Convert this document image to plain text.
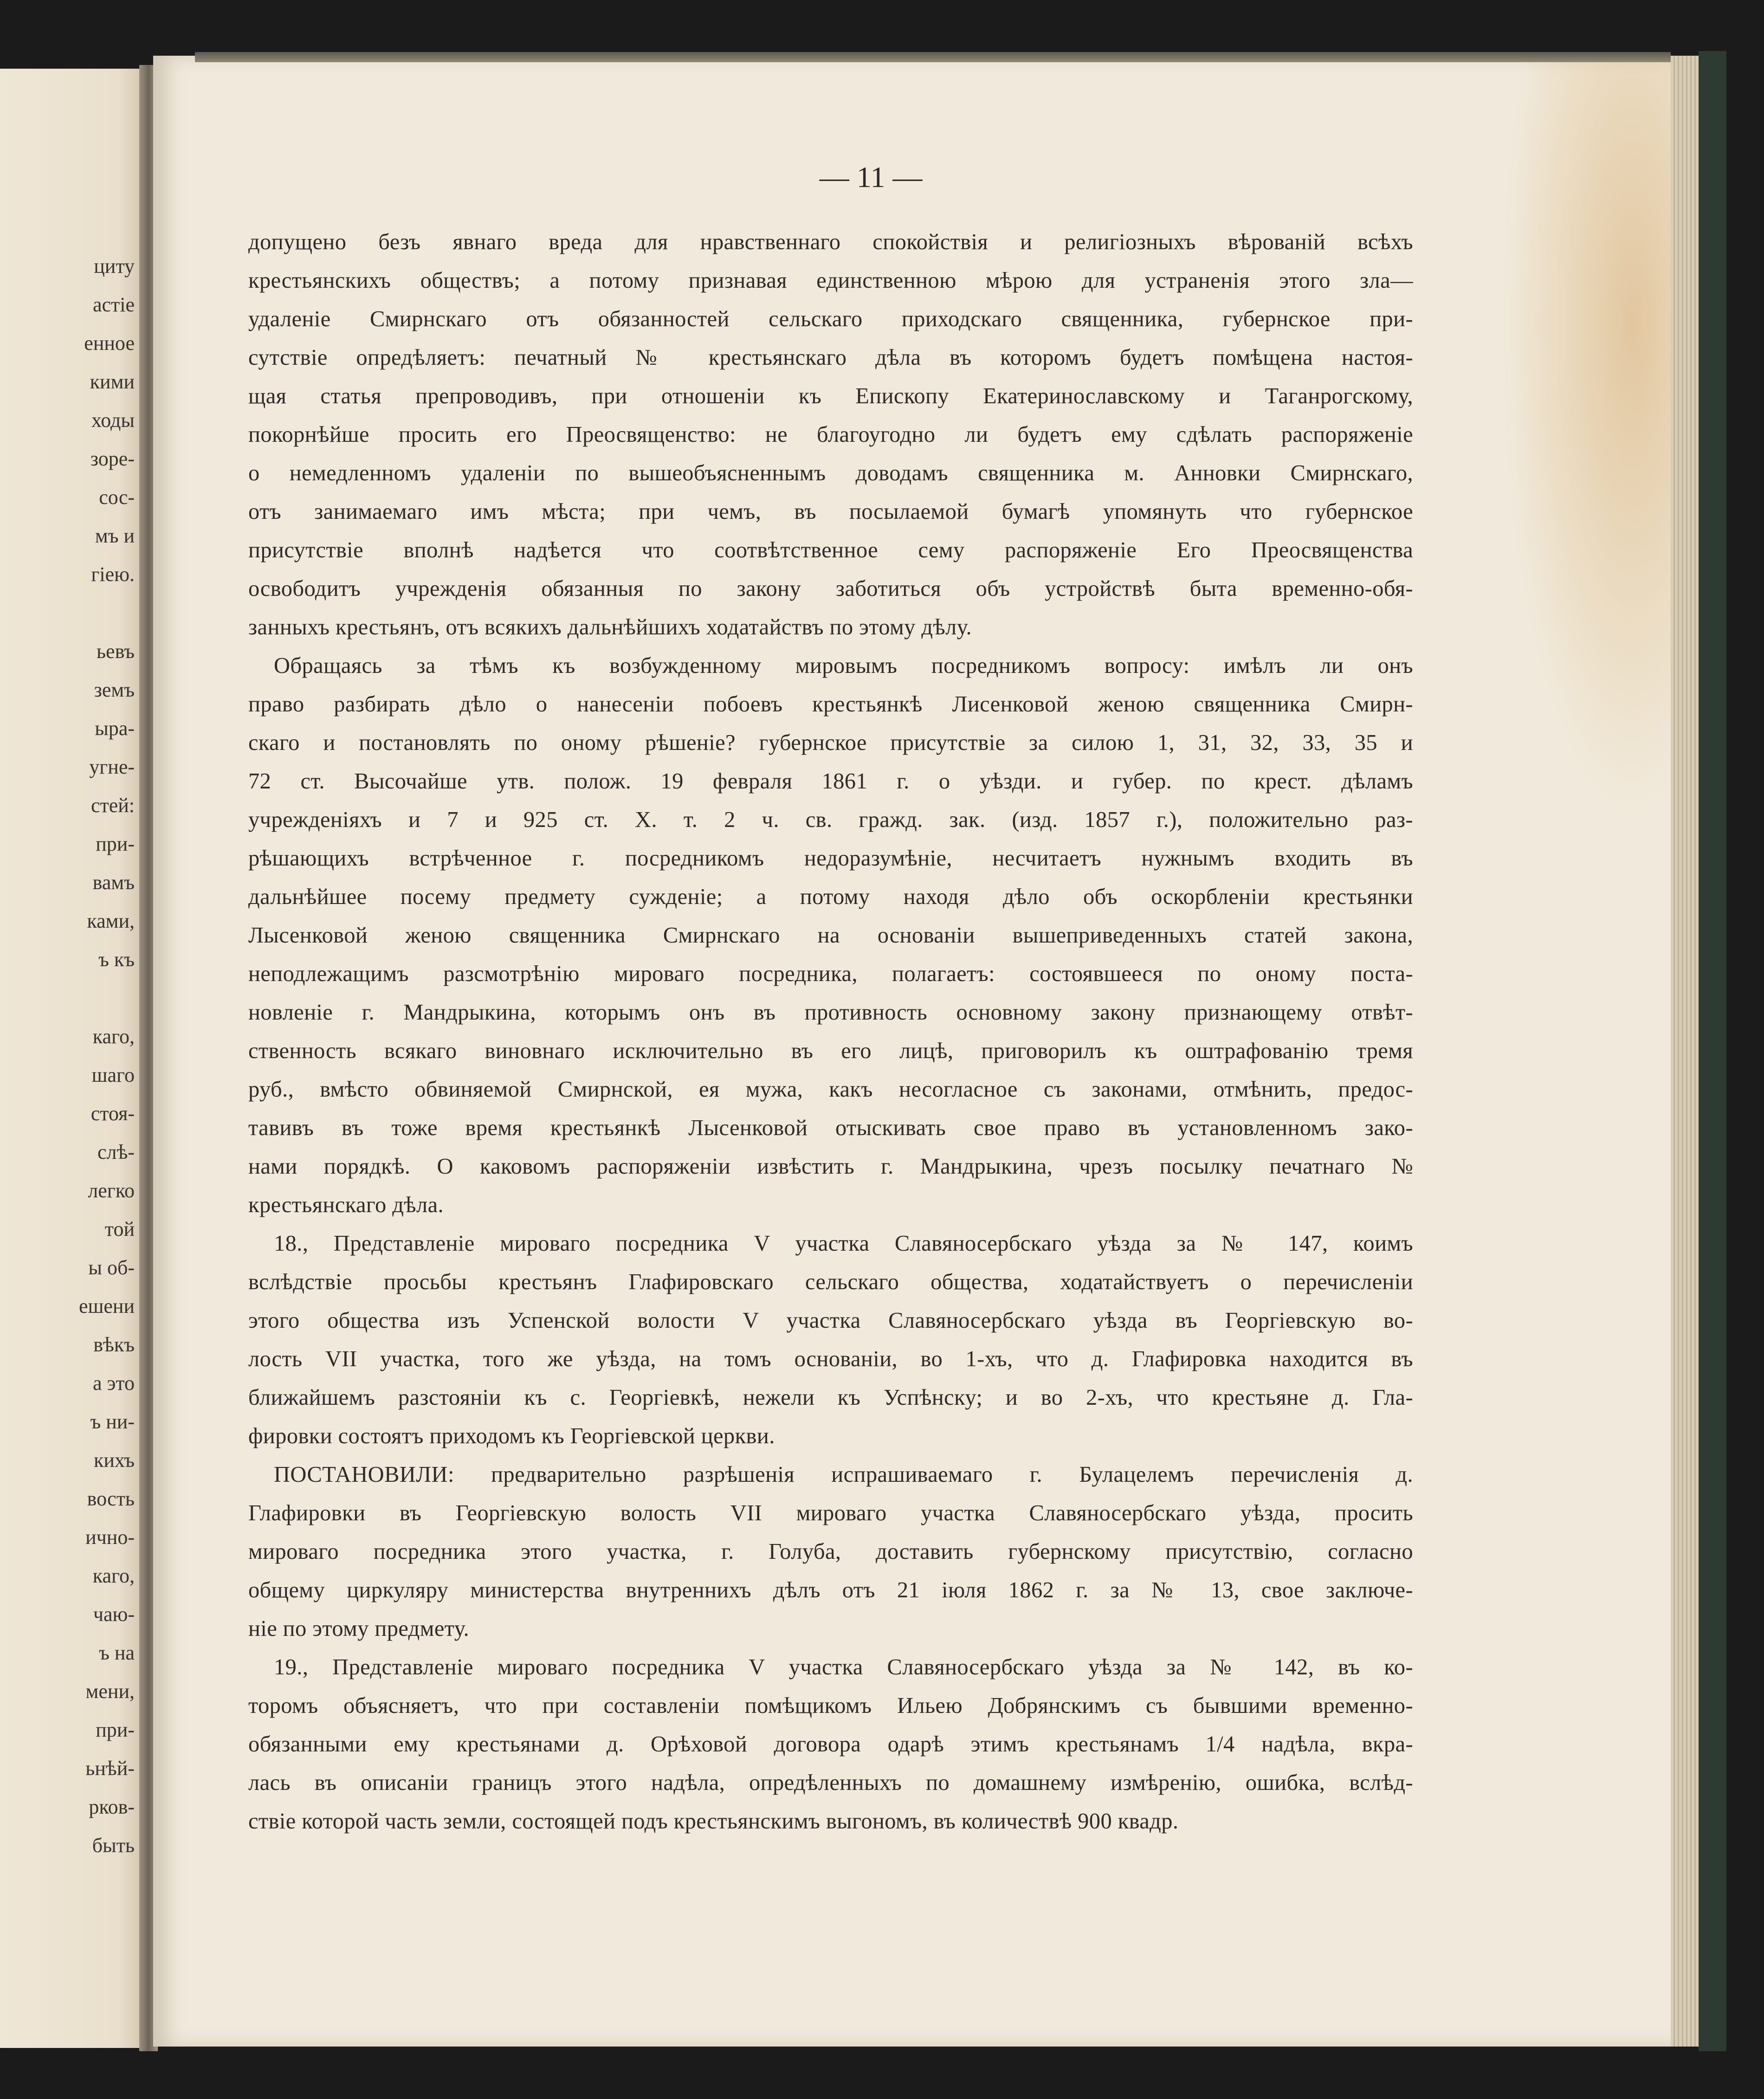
циту
астіе
енное
кими
ходы
зоре-
сос-
мъ и
гіею.
ьевъ
земъ
ыра-
угне-
стей:
при-
вамъ
ками,
ъ къ
каго,
шаго
стоя-
слѣ-
легко
той
ы об-
ешени
вѣкъ
а это
ъ ни-
кихъ
вость
ично-
каго,
чаю-
ъ на
мени,
при-
ьнѣй-
рков-
быть
— 11 —
допущено безъ явнаго вреда для нравственнаго спокойствія и религіозныхъ вѣрованій всѣхъ
крестьянскихъ обществъ; а потому признавая единственною мѣрою для устраненія этого зла—
удаленіе Смирнскаго отъ обязанностей сельскаго приходскаго священника, губернское при-
сутствіе опредѣляетъ: печатный № крестьянскаго дѣла въ которомъ будетъ помѣщена настоя-
щая статья препроводивъ, при отношеніи къ Епископу Екатеринославскому и Таганрогскому,
покорнѣйше просить его Преосвященство: не благоугодно ли будетъ ему сдѣлать распоряженіе
о немедленномъ удаленіи по вышеобъясненнымъ доводамъ священника м. Анновки Смирнскаго,
отъ занимаемаго имъ мѣста; при чемъ, въ посылаемой бумагѣ упомянуть что губернское
присутствіе вполнѣ надѣется что соотвѣтственное сему распоряженіе Его Преосвященства
освободитъ учрежденія обязанныя по закону заботиться объ устройствѣ быта временно-обя-
занныхъ крестьянъ, отъ всякихъ дальнѣйшихъ ходатайствъ по этому дѣлу.
Обращаясь за тѣмъ къ возбужденному мировымъ посредникомъ вопросу: имѣлъ ли онъ
право разбирать дѣло о нанесеніи побоевъ крестьянкѣ Лисенковой женою священника Смирн-
скаго и постановлять по оному рѣшеніе? губернское присутствіе за силою 1, 31, 32, 33, 35 и
72 ст. Высочайше утв. полож. 19 февраля 1861 г. о уѣзди. и губер. по крест. дѣламъ
учрежденіяхъ и 7 и 925 ст. X. т. 2 ч. св. гражд. зак. (изд. 1857 г.), положительно раз-
рѣшающихъ встрѣченное г. посредникомъ недоразумѣніе, несчитаетъ нужнымъ входить въ
дальнѣйшее посему предмету сужденіе; а потому находя дѣло объ оскорбленіи крестьянки
Лысенковой женою священника Смирнскаго на основаніи вышеприведенныхъ статей закона,
неподлежащимъ разсмотрѣнію мироваго посредника, полагаетъ: состоявшееся по оному поста-
новленіе г. Мандрыкина, которымъ онъ въ противность основному закону признающему отвѣт-
ственность всякаго виновнаго исключительно въ его лицѣ, приговорилъ къ оштрафованію тремя
руб., вмѣсто обвиняемой Смирнской, ея мужа, какъ несогласное съ законами, отмѣнить, предос-
тавивъ въ тоже время крестьянкѣ Лысенковой отыскивать свое право въ установленномъ зако-
нами порядкѣ. О каковомъ распоряженіи извѣстить г. Мандрыкина, чрезъ посылку печатнаго №
крестьянскаго дѣла.
18., Представленіе мироваго посредника V участка Славяносербскаго уѣзда за № 147, коимъ
вслѣдствіе просьбы крестьянъ Глафировскаго сельскаго общества, ходатайствуетъ о перечисленіи
этого общества изъ Успенской волости V участка Славяносербскаго уѣзда въ Георгіевскую во-
лость VII участка, того же уѣзда, на томъ основаніи, во 1-хъ, что д. Глафировка находится въ
ближайшемъ разстояніи къ с. Георгіевкѣ, нежели къ Успѣнску; и во 2-хъ, что крестьяне д. Гла-
фировки состоятъ приходомъ къ Георгіевской церкви.
ПОСТАНОВИЛИ: предварительно разрѣшенія испрашиваемаго г. Булацелемъ перечисленія д.
Глафировки въ Георгіевскую волость VII мироваго участка Славяносербскаго уѣзда, просить
мироваго посредника этого участка, г. Голуба, доставить губернскому присутствію, согласно
общему циркуляру министерства внутреннихъ дѣлъ отъ 21 іюля 1862 г. за № 13, свое заключе-
ніе по этому предмету.
19., Представленіе мироваго посредника V участка Славяносербскаго уѣзда за № 142, въ ко-
торомъ объясняетъ, что при составленіи помѣщикомъ Ильею Добрянскимъ съ бывшими временно-
обязанными ему крестьянами д. Орѣховой договора одарѣ этимъ крестьянамъ 1/4 надѣла, вкра-
лась въ описаніи границъ этого надѣла, опредѣленныхъ по домашнему измѣренію, ошибка, вслѣд-
ствіе которой часть земли, состоящей подъ крестьянскимъ выгономъ, въ количествѣ 900 квадр.
